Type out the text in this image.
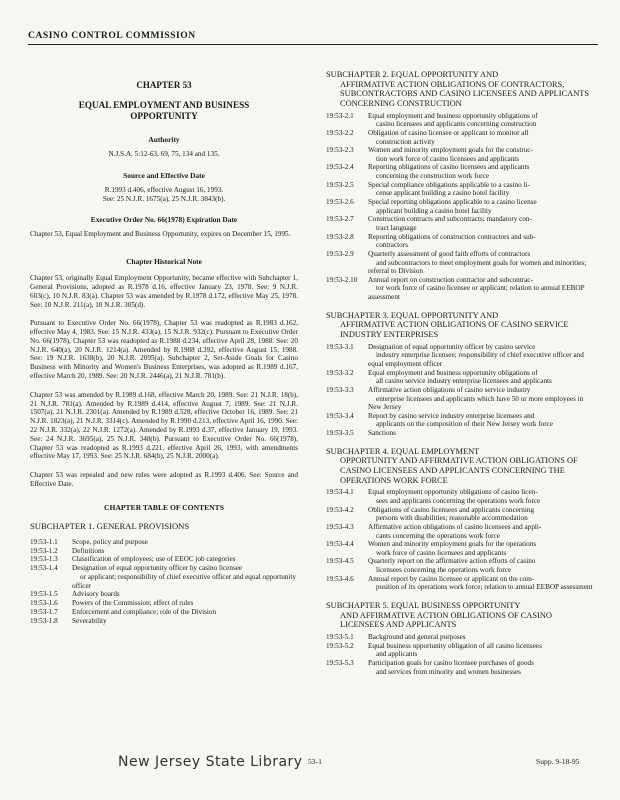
CASINO CONTROL COMMISSION
CHAPTER 53
EQUAL EMPLOYMENT AND BUSINESS
OPPORTUNITY
Authority
N.J.S.A. 5:12-63, 69, 75, 134 and 135.
Source and Effective Date
R.1993 d.406, effective August 16, 1993.
See: 25 N.J.R. 1675(a), 25 N.J.R. 3843(b).
Executive Order No. 66(1978) Expiration Date

Chapter 53, Equal Employment and Business Opportunity, expires on December 15, 1995.

Chapter Historical Note

Chapter 53, originally Equal Employment Opportunity, became effective with Subchapter 1, General Provisions, adopted as R.1978 d.16, effective January 23, 1978. See: 9 N.J.R. 603(c), 10 N.J.R. 83(a). Chapter 53 was amended by R.1978 d.172, effective May 25, 1978. See: 10 N.J.R. 211(a), 10 N.J.R. 305(d).

Pursuant to Executive Order No. 66(1978), Chapter 53 was readopted as R.1983 d.162, effective May 4, 1983. See: 15 N.J.R. 433(a), 15 N.J.R. 932(c). Pursuant to Executive Order No. 66(1978), Chapter 53 was readopted as R.1988 d.234, effective April 28, 1988. See: 20 N.J.R. 640(a), 20 N.J.R. 1214(a). Amended by R.1988 d.392, effective August 15, 1988. See: 19 N.J.R. 1638(b), 20 N.J.R. 2095(a). Subchapter 2, Set-Aside Goals for Casino Business with Minority and Women's Business Enterprises, was adopted as R.1989 d.167, effective March 20, 1989. See: 20 N.J.R. 2446(a), 21 N.J.R. 781(b).

Chapter 53 was amended by R.1989 d.168, effective March 20, 1989. See: 21 N.J.R. 18(b), 21 N.J.R. 781(a). Amended by R.1989 d.414, effective August 7, 1989. See: 21 N.J.R. 1507(a), 21 N.J.R. 2301(a). Amended by R.1989 d.528, effective October 16, 1989. See: 21 N.J.R. 1823(a), 21 N.J.R. 3314(c). Amended by R.1990 d.213, effective April 16, 1990. See: 22 N.J.R. 332(a), 22 N.J.R. 1272(a). Amended by R.1993 d.37, effective January 19, 1993. See: 24 N.J.R. 3695(a), 25 N.J.R. 348(b). Pursuant to Executive Order No. 66(1978), Chapter 53 was readopted as R.1993 d.221, effective April 26, 1993, with amendments effective May 17, 1993. See: 25 N.J.R. 684(b), 25 N.J.R. 2000(a).

Chapter 53 was repealed and new rules were adopted as R.1993 d.406. See: Source and Effective Date.

CHAPTER TABLE OF CONTENTS
SUBCHAPTER 1. GENERAL PROVISIONS
19:53-1.1	Scope, policy and purpose
19:53-1.2	Definitions
19:53-1.3	Classification of employees; use of EEOC job categories
19:53-1.4	Designation of equal opportunity officer by casino licensee
or applicant; responsibility of chief executive officer and equal opportunity officer
19:53-1.5	Advisory boards
19:53-1.6	Powers of the Commission; effect of rules
19:53-1.7	Enforcement and compliance; role of the Division
19:53-1.8	Severability
SUBCHAPTER 2. EQUAL OPPORTUNITY AND
AFFIRMATIVE ACTION OBLIGATIONS OF CONTRACTORS, SUBCONTRACTORS AND CASINO LICENSEES AND APPLICANTS CONCERNING CONSTRUCTION
19:53-2.1	Equal employment and business opportunity obligations of
casino licensees and applicants concerning construction
19:53-2.2	Obligation of casino licensee or applicant to monitor all
construction activity
19:53-2.3	Women and minority employment goals for the construc-
tion work force of casino licensees and applicants
19:53-2.4	Reporting obligations of casino licensees and applicants
concerning the construction work force
19:53-2.5	Special compliance obligations applicable to a casino li-
cense applicant building a casino hotel facility
19:53-2.6	Special reporting obligations applicable to a casino license
applicant building a casino hotel facility
19:53-2.7	Construction contracts and subcontracts; mandatory con-
tract language
19:53-2.8	Reporting obligations of construction contractors and sub-
contractors
19:53-2.9	Quarterly assessment of good faith efforts of contractors
and subcontractors to meet employment goals for women and minorities; referral to Division
19:53-2.10	Annual report on construction contractor and subcontrac-
tor work force of casino licensee or applicant; relation to annual EEBOP assessment
SUBCHAPTER 3. EQUAL OPPORTUNITY AND
AFFIRMATIVE ACTION OBLIGATIONS OF CASINO SERVICE INDUSTRY ENTERPRISES
19:53-3.1	Designation of equal opportunity officer by casino service
industry enterprise licensee; responsibility of chief executive officer and equal employment officer
19:53-3.2	Equal employment and business opportunity obligations of
all casino service industry enterprise licensees and applicants
19:53-3.3	Affirmative action obligations of casino service industry
enterprise licensees and applicants which have 50 or more employees in New Jersey
19:53-3.4	Report by casino service industry enterprise licensees and
applicants on the composition of their New Jersey work force
19:53-3.5	Sanctions
SUBCHAPTER 4. EQUAL EMPLOYMENT
OPPORTUNITY AND AFFIRMATIVE ACTION OBLIGATIONS OF CASINO LICENSEES AND APPLICANTS CONCERNING THE OPERATIONS WORK FORCE
19:53-4.1	Equal employment opportunity obligations of casino licen-
sees and applicants concerning the operations work force
19:53-4.2	Obligations of casino licensees and applicants concerning
persons with disabilities; reasonable accommodation
19:53-4.3	Affirmative action obligations of casino licensees and appli-
cants concerning the operations work force
19:53-4.4	Women and minority employment goals for the operations
work force of casino licensees and applicants
19:53-4.5	Quarterly report on the affirmative action efforts of casino
licensees concerning the operations work force
19:53-4.6	Annual report by casino licensee or applicant on the com-
position of its operations work force; relation to annual EEBOP assessment
SUBCHAPTER 5. EQUAL BUSINESS OPPORTUNITY
AND AFFIRMATIVE ACTION OBLIGATIONS OF CASINO LICENSEES AND APPLICANTS
19:53-5.1	Background and general purposes
19:53-5.2	Equal business opportunity obligation of all casino licensees
and applicants
19:53-5.3	Participation goals for casino licensee purchases of goods
and services from minority and women businesses
New Jersey State Library 53-1	Supp. 9-18-95
